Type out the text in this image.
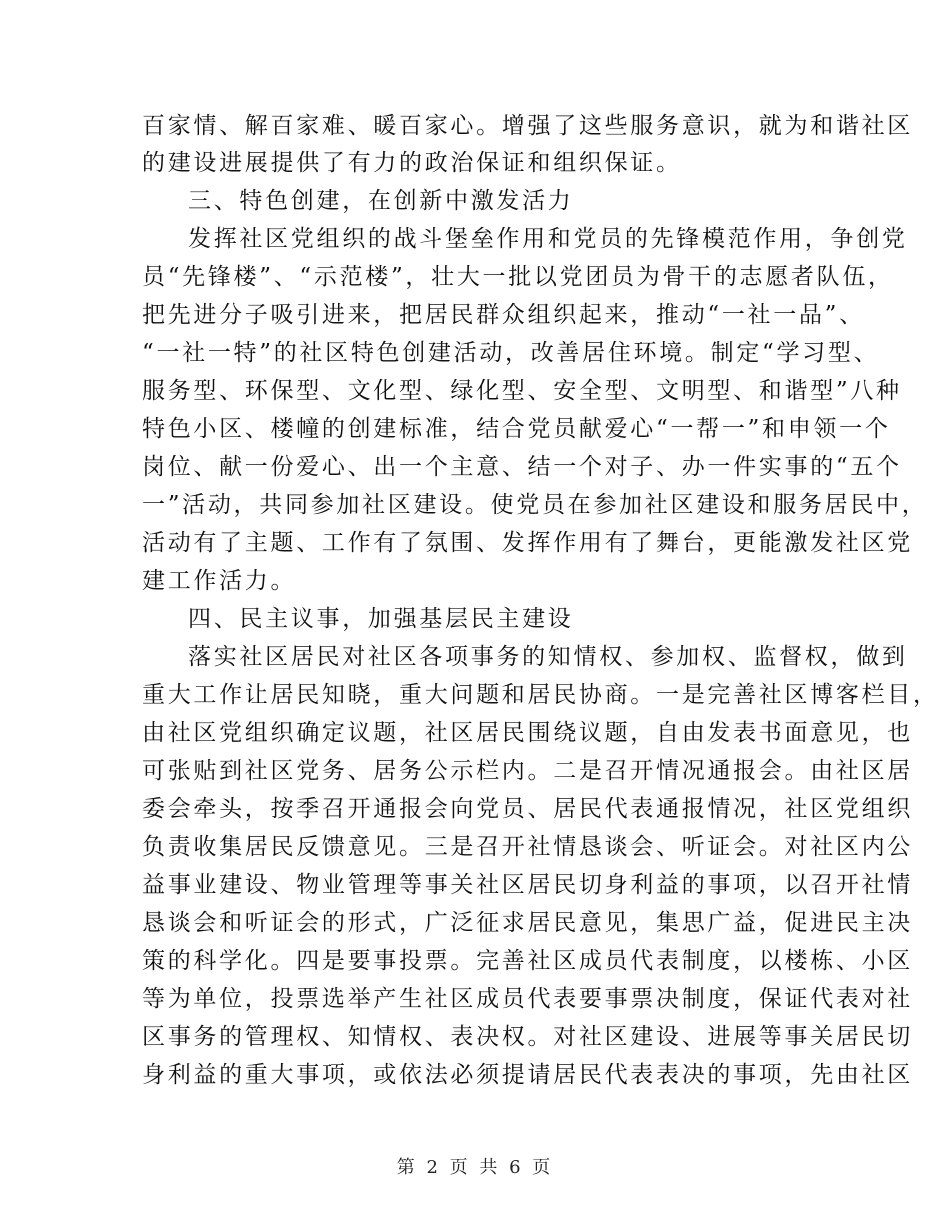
百家情、解百家难、暖百家心。增强了这些服务意识，就为和谐社区
的建设进展提供了有力的政治保证和组织保证。
三、特色创建，在创新中激发活力
发挥社区党组织的战斗堡垒作用和党员的先锋模范作用，争创党
员“先锋楼”、“示范楼”，壮大一批以党团员为骨干的志愿者队伍，
把先进分子吸引进来，把居民群众组织起来，推动“一社一品”、
“一社一特”的社区特色创建活动，改善居住环境。制定“学习型、
服务型、环保型、文化型、绿化型、安全型、文明型、和谐型”八种
特色小区、楼幢的创建标准，结合党员献爱心“一帮一”和申领一个
岗位、献一份爱心、出一个主意、结一个对子、办一件实事的“五个
一”活动，共同参加社区建设。使党员在参加社区建设和服务居民中，
活动有了主题、工作有了氛围、发挥作用有了舞台，更能激发社区党
建工作活力。
四、民主议事，加强基层民主建设
落实社区居民对社区各项事务的知情权、参加权、监督权，做到
重大工作让居民知晓，重大问题和居民协商。一是完善社区博客栏目，
由社区党组织确定议题，社区居民围绕议题，自由发表书面意见，也
可张贴到社区党务、居务公示栏内。二是召开情况通报会。由社区居
委会牵头，按季召开通报会向党员、居民代表通报情况，社区党组织
负责收集居民反馈意见。三是召开社情恳谈会、听证会。对社区内公
益事业建设、物业管理等事关社区居民切身利益的事项，以召开社情
恳谈会和听证会的形式，广泛征求居民意见，集思广益，促进民主决
策的科学化。四是要事投票。完善社区成员代表制度，以楼栋、小区
等为单位，投票选举产生社区成员代表要事票决制度，保证代表对社
区事务的管理权、知情权、表决权。对社区建设、进展等事关居民切
身利益的重大事项，或依法必须提请居民代表表决的事项，先由社区
第 2 页 共 6 页
